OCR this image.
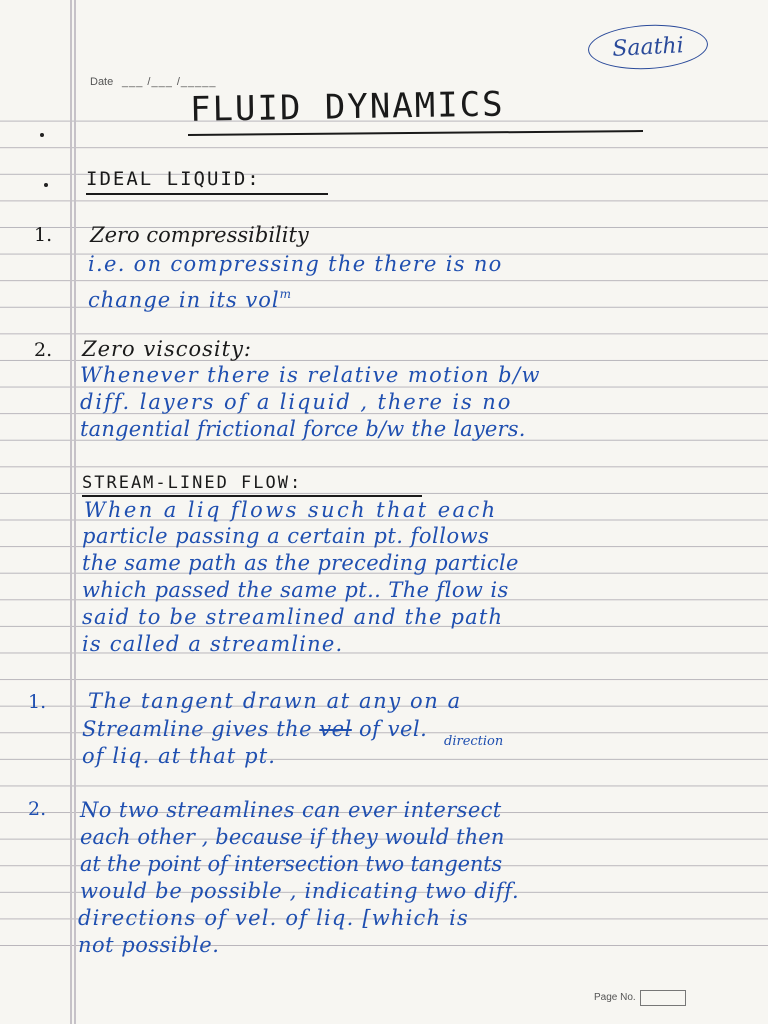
Saathi
Date ___ /___ /_____
FLUID DYNAMICS
IDEAL LIQUID:
1. Zero compressibility
i.e. on compressing the there is no
change in its vol$^m$
2. Zero viscosity:
Whenever there is relative motion b/w
diff. layers of a liquid , there is no
tangential frictional force b/w the layers.
STREAM-LINED FLOW:
When a liq flows such that each
particle passing a certain pt. follows
the same path as the preceding particle
which passed the same pt.. The flow is
said to be streamlined and the path
is called a streamline.
1. The tangent drawn at any on a
Streamline gives the vel of vel.
direction
of liq. at that pt.
2. No two streamlines can ever intersect
each other , because if they would then
at the point of intersection two tangents
would be possible , indicating two diff.
directions of vel. of liq. [which is
not possible.
Page No.
